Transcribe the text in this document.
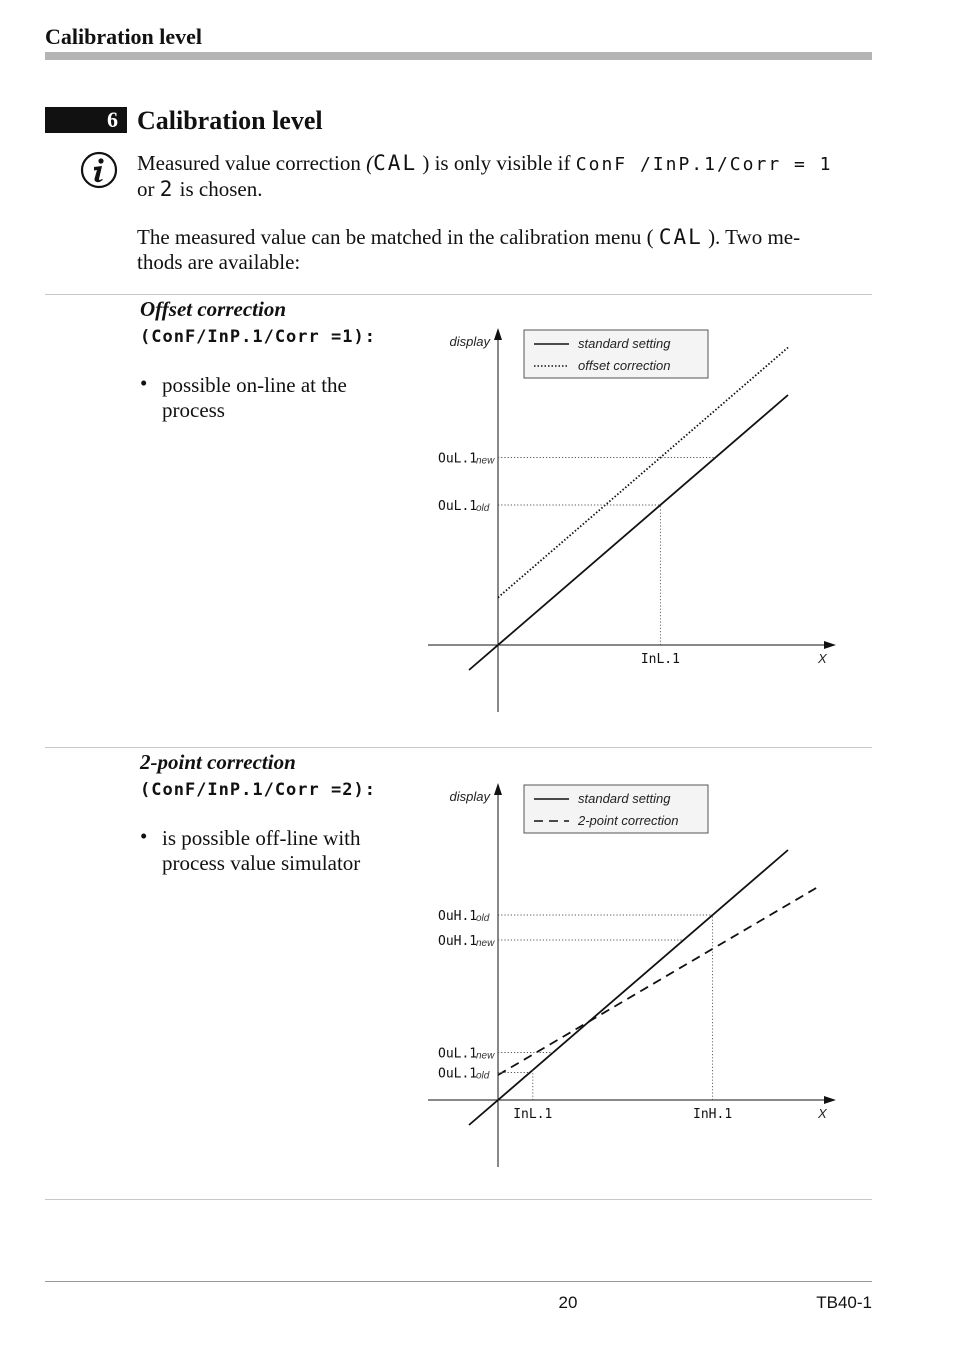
Calibration level
6 Calibration level
Measured value correction (CAL ) is only visible if ConF /InP.1/Corr = 1
or 2 is chosen.
The measured value can be matched in the calibration menu ( CAL ). Two me-
thods are available:
Offset correction
(ConF/InP.1/Corr =1):
• possible on-line at the process
display
X
OuL.1
new
OuL.1
old
InL.1
standard setting
offset correction
2-point correction
(ConF/InP.1/Corr =2):
• is possible off-line with process value simulator
display
X
OuH.1
old
OuH.1
new
OuL.1
new
OuL.1
old
InL.1	InH.1
standard setting
2-point correction
20	TB40-1
